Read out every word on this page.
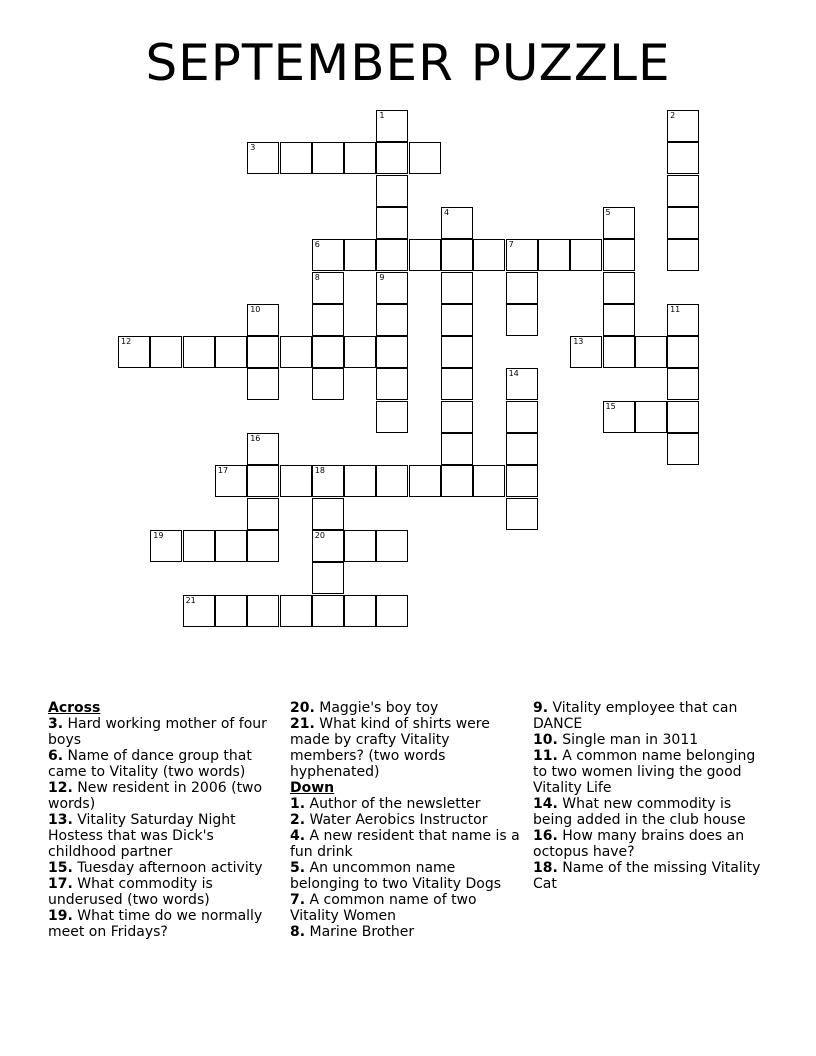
SEPTEMBER PUZZLE
3
6	7
12	13
15
17	18
19	20
21
1	2
4	5
8	9
10	11
14
16
Across
3. Hard working mother of four boys
6. Name of dance group that came to Vitality (two words)
12. New resident in 2006 (two words)
13. Vitality Saturday Night Hostess that was Dick's childhood partner
15. Tuesday afternoon activity
17. What commodity is underused (two words)
19. What time do we normally meet on Fridays?
20. Maggie's boy toy
21. What kind of shirts were made by crafty Vitality members? (two words hyphenated)
Down
1. Author of the newsletter
2. Water Aerobics Instructor
4. A new resident that name is a fun drink
5. An uncommon name belonging to two Vitality Dogs
7. A common name of two Vitality Women
8. Marine Brother
9. Vitality employee that can DANCE
10. Single man in 3011
11. A common name belonging to two women living the good Vitality Life
14. What new commodity is being added in the club house
16. How many brains does an octopus have?
18. Name of the missing Vitality Cat
